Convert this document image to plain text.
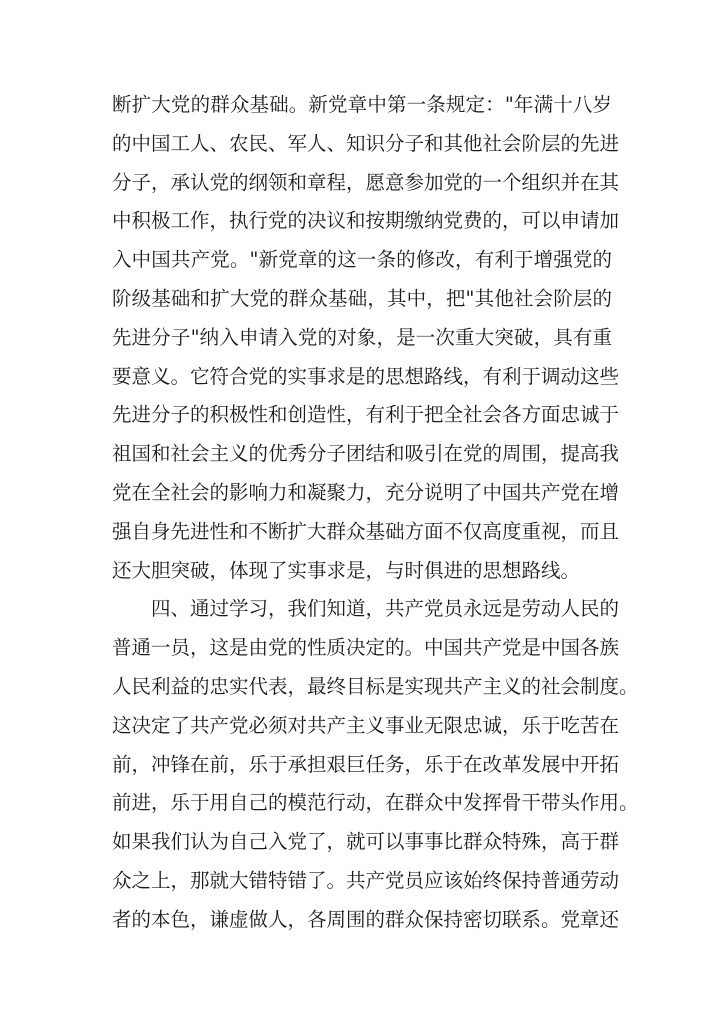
断扩大党的群众基础。新党章中第一条规定："年满十八岁
的中国工人、农民、军人、知识分子和其他社会阶层的先进
分子，承认党的纲领和章程，愿意参加党的一个组织并在其
中积极工作，执行党的决议和按期缴纳党费的，可以申请加
入中国共产党。"新党章的这一条的修改，有利于增强党的
阶级基础和扩大党的群众基础，其中，把"其他社会阶层的
先进分子"纳入申请入党的对象，是一次重大突破，具有重
要意义。它符合党的实事求是的思想路线，有利于调动这些
先进分子的积极性和创造性，有利于把全社会各方面忠诚于
祖国和社会主义的优秀分子团结和吸引在党的周围，提高我
党在全社会的影响力和凝聚力，充分说明了中国共产党在增
强自身先进性和不断扩大群众基础方面不仅高度重视，而且
还大胆突破，体现了实事求是，与时俱进的思想路线。
四、通过学习，我们知道，共产党员永远是劳动人民的
普通一员，这是由党的性质决定的。中国共产党是中国各族
人民利益的忠实代表，最终目标是实现共产主义的社会制度。
这决定了共产党必须对共产主义事业无限忠诚，乐于吃苦在
前，冲锋在前，乐于承担艰巨任务，乐于在改革发展中开拓
前进，乐于用自己的模范行动，在群众中发挥骨干带头作用。
如果我们认为自己入党了，就可以事事比群众特殊，高于群
众之上，那就大错特错了。共产党员应该始终保持普通劳动
者的本色，谦虚做人，各周围的群众保持密切联系。党章还
